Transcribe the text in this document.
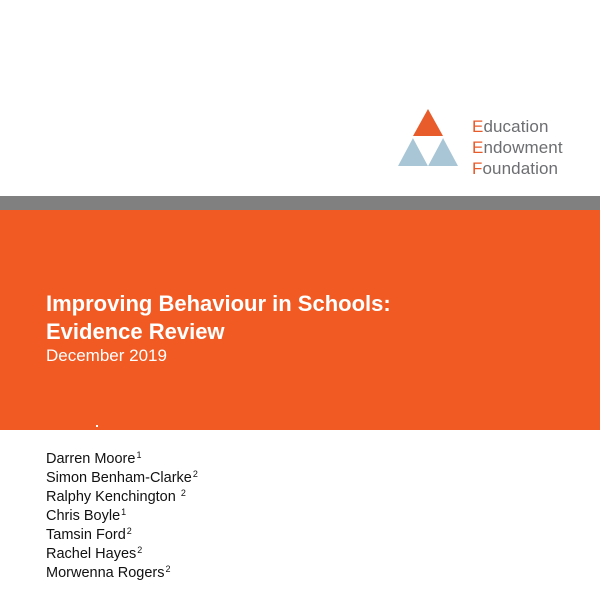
Education
Endowment
Foundation
Improving Behaviour in Schools:
Evidence Review
December 2019
Darren Moore$^1$
Simon Benham-Clarke$^2$
Ralphy Kenchington $^2$
Chris Boyle$^1$
Tamsin Ford$^2$
Rachel Hayes$^2$
Morwenna Rogers$^2$
